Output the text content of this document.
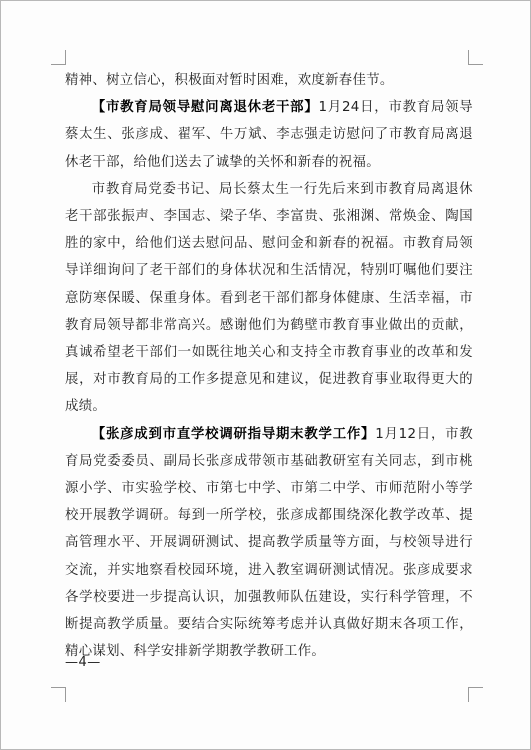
精神、树立信心，积极面对暂时困难，欢度新春佳节。

【市教育局领导慰问离退休老干部】1月24日，市教育局领导蔡太生、张彦成、翟军、牛万斌、李志强走访慰问了市教育局离退休老干部，给他们送去了诚挚的关怀和新春的祝福。

市教育局党委书记、局长蔡太生一行先后来到市教育局离退休老干部张振声、李国志、梁子华、李富贵、张湘渊、常焕金、陶国胜的家中，给他们送去慰问品、慰问金和新春的祝福。市教育局领导详细询问了老干部们的身体状况和生活情况，特别叮嘱他们要注意防寒保暖、保重身体。看到老干部们都身体健康、生活幸福，市教育局领导都非常高兴。感谢他们为鹤壁市教育事业做出的贡献，真诚希望老干部们一如既往地关心和支持全市教育事业的改革和发展，对市教育局的工作多提意见和建议，促进教育事业取得更大的成绩。

【张彦成到市直学校调研指导期末教学工作】1月12日，市教育局党委委员、副局长张彦成带领市基础教研室有关同志，到市桃源小学、市实验学校、市第七中学、市第二中学、市师范附小等学校开展教学调研。每到一所学校，张彦成都围绕深化教学改革、提高管理水平、开展调研测试、提高教学质量等方面，与校领导进行交流，并实地察看校园环境，进入教室调研测试情况。张彦成要求各学校要进一步提高认识，加强教师队伍建设，实行科学管理，不断提高教学质量。要结合实际统筹考虑并认真做好期末各项工作，精心谋划、科学安排新学期教学教研工作。

—4—
